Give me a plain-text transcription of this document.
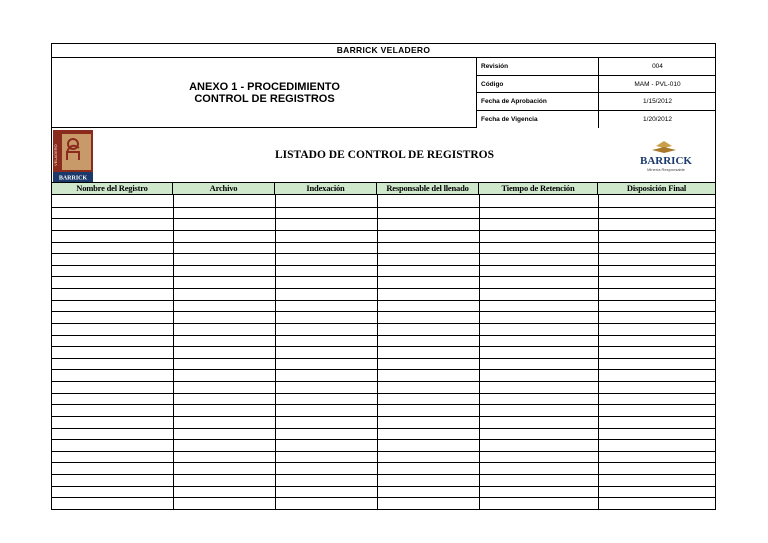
BARRICK VELADERO
ANEXO 1 - PROCEDIMIENTO
CONTROL DE REGISTROS
Revisión	004
Código	MAM - PVL-010
Fecha de Aprobación	1/15/2012
Fecha de Vigencia	1/20/2012
BARRICK
VELADERO	LISTADO DE CONTROL DE REGISTROS	BARRICK
Minería Responsable
Nombre del Registro	Archivo	Indexación	Responsable del llenado	Tiempo de Retención	Disposición Final
